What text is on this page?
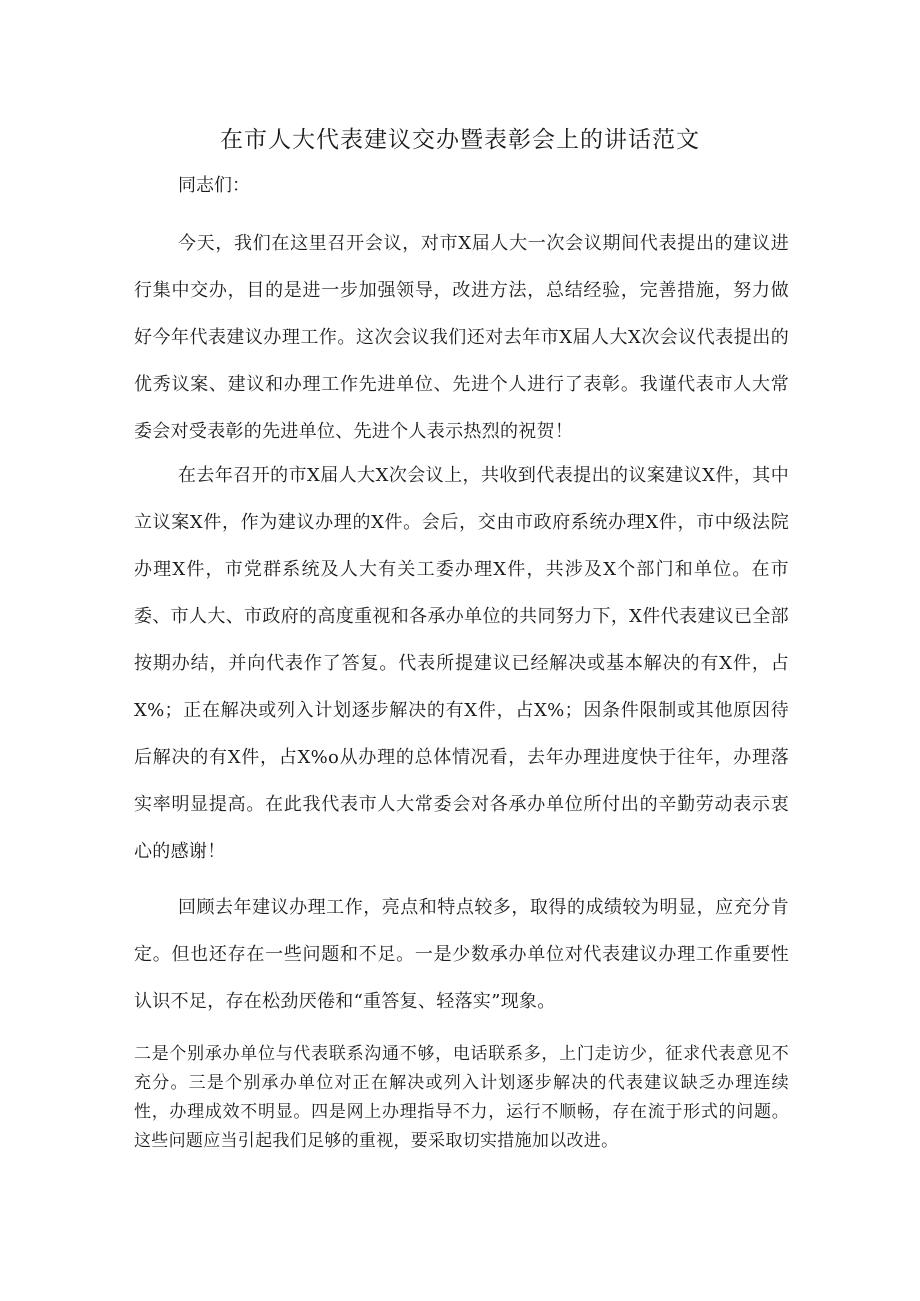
在市人大代表建议交办暨表彰会上的讲话范文

同志们：

今天，我们在这里召开会议，对市X届人大一次会议期间代表提出的建议进行集中交办，目的是进一步加强领导，改进方法，总结经验，完善措施，努力做好今年代表建议办理工作。这次会议我们还对去年市X届人大X次会议代表提出的优秀议案、建议和办理工作先进单位、先进个人进行了表彰。我谨代表市人大常委会对受表彰的先进单位、先进个人表示热烈的祝贺！

在去年召开的市X届人大X次会议上，共收到代表提出的议案建议X件，其中立议案X件，作为建议办理的X件。会后，交由市政府系统办理X件，市中级法院办理X件，市党群系统及人大有关工委办理X件，共涉及X个部门和单位。在市委、市人大、市政府的高度重视和各承办单位的共同努力下，X件代表建议已全部按期办结，并向代表作了答复。代表所提建议已经解决或基本解决的有X件，占X%；正在解决或列入计划逐步解决的有X件，占X%；因条件限制或其他原因待后解决的有X件，占X%o从办理的总体情况看，去年办理进度快于往年，办理落实率明显提高。在此我代表市人大常委会对各承办单位所付出的辛勤劳动表示衷心的感谢！

回顾去年建议办理工作，亮点和特点较多，取得的成绩较为明显，应充分肯定。但也还存在一些问题和不足。一是少数承办单位对代表建议办理工作重要性认识不足，存在松劲厌倦和“重答复、轻落实”现象。

二是个别承办单位与代表联系沟通不够，电话联系多，上门走访少，征求代表意见不充分。三是个别承办单位对正在解决或列入计划逐步解决的代表建议缺乏办理连续性，办理成效不明显。四是网上办理指导不力，运行不顺畅，存在流于形式的问题。这些问题应当引起我们足够的重视，要采取切实措施加以改进。
